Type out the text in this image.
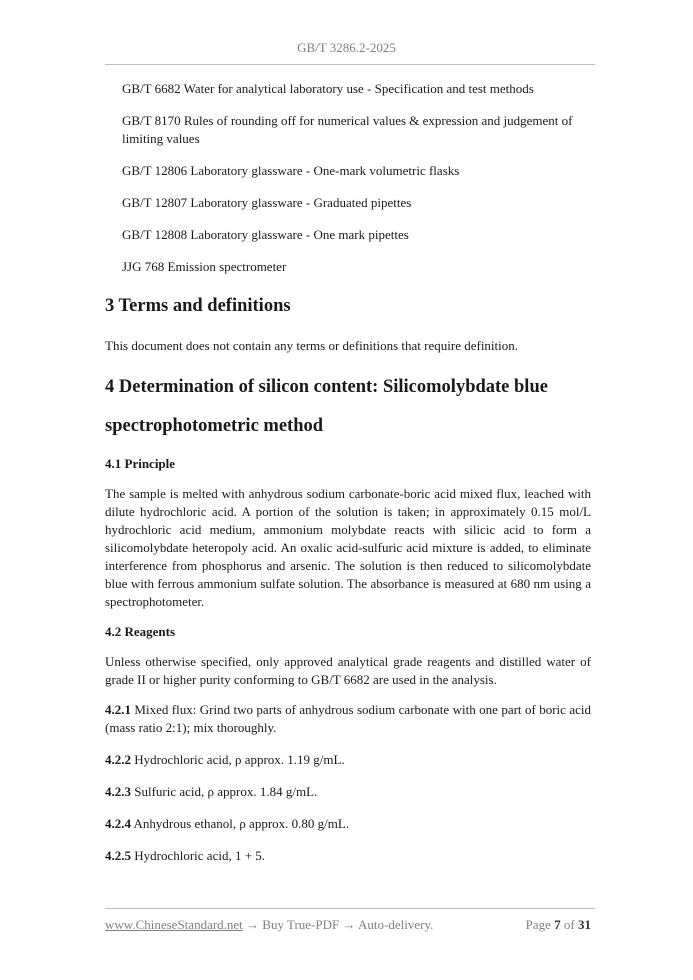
GB/T 3286.2-2025

GB/T 6682 Water for analytical laboratory use - Specification and test methods

GB/T 8170 Rules of rounding off for numerical values & expression and judgement of limiting values

GB/T 12806 Laboratory glassware - One-mark volumetric flasks

GB/T 12807 Laboratory glassware - Graduated pipettes

GB/T 12808 Laboratory glassware - One mark pipettes

JJG 768 Emission spectrometer

3 Terms and definitions

This document does not contain any terms or definitions that require definition.

4 Determination of silicon content: Silicomolybdate blue
spectrophotometric method
4.1 Principle

The sample is melted with anhydrous sodium carbonate-boric acid mixed flux, leached with dilute hydrochloric acid. A portion of the solution is taken; in approximately 0.15 mol/L hydrochloric acid medium, ammonium molybdate reacts with silicic acid to form a silicomolybdate heteropoly acid. An oxalic acid-sulfuric acid mixture is added, to eliminate interference from phosphorus and arsenic. The solution is then reduced to silicomolybdate blue with ferrous ammonium sulfate solution. The absorbance is measured at 680 nm using a spectrophotometer.

4.2 Reagents

Unless otherwise specified, only approved analytical grade reagents and distilled water of grade II or higher purity conforming to GB/T 6682 are used in the analysis.

4.2.1 Mixed flux: Grind two parts of anhydrous sodium carbonate with one part of boric acid (mass ratio 2:1); mix thoroughly.

4.2.2 Hydrochloric acid, ρ approx. 1.19 g/mL.

4.2.3 Sulfuric acid, ρ approx. 1.84 g/mL.

4.2.4 Anhydrous ethanol, ρ approx. 0.80 g/mL.

4.2.5 Hydrochloric acid, 1 + 5.

www.ChineseStandard.net → Buy True-PDF → Auto-delivery.	Page 7 of 31
